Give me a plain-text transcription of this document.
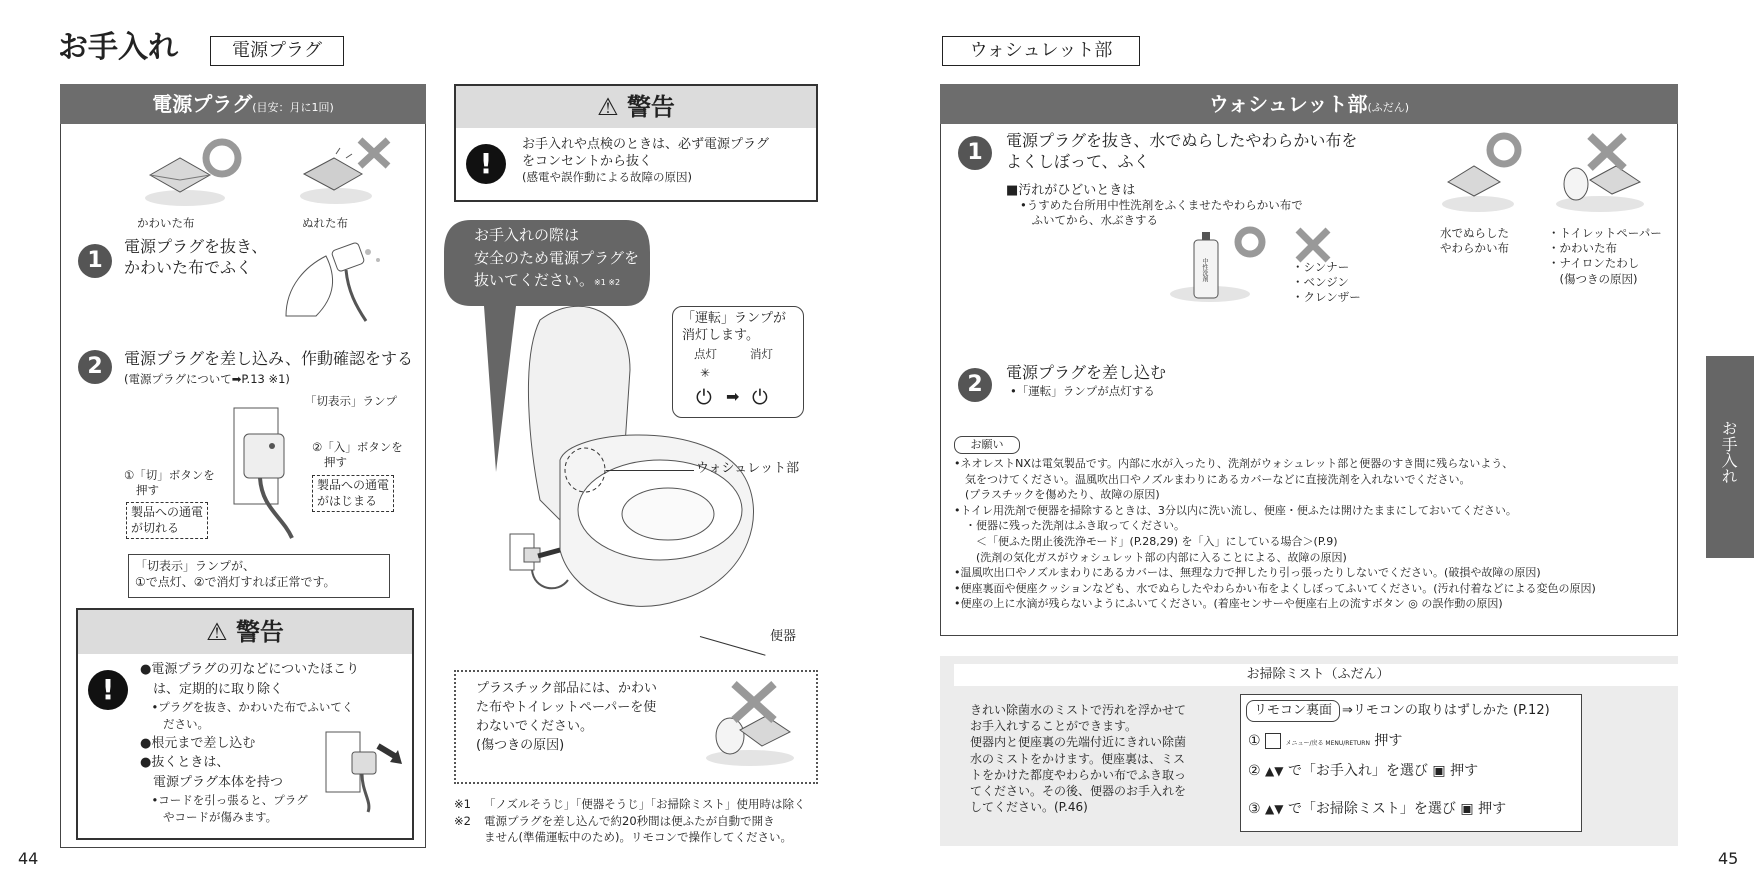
お手入れ	電源プラグ
電源プラグ(目安：月に1回)
かわいた布	ぬれた布
1
電源プラグを抜き、
かわいた布でふく
2	電源プラグを差し込み、作動確認をする
(電源プラグについて➡P.13 ※1)
「切表示」ランプ
②「入」ボタンを
押す
①「切」ボタンを
押す	製品への通電
がはじまる
製品への通電
が切れる
「切表示」ランプが、
①で点灯、②で消灯すれば正常です。
⚠ 警告
!
●電源プラグの刃などについたほこり
　は、定期的に取り除く
　•プラグを抜き、かわいた布でふいてく
　　ださい。
●根元まで差し込む
●抜くときは、
　電源プラグ本体を持つ
　•コードを引っ張ると、プラグ
　　やコードが傷みます。
⚠ 警告
!
お手入れや点検のときは、必ず電源プラグ
をコンセントから抜く
(感電や誤作動による故障の原因)
お手入れの際は
安全のため電源プラグを
抜いてください。※1 ※2
「運転」ランプが
消灯します。
点灯	消灯
⏻ ➡ ⏻
✳
ウォシュレット部
便器
プラスチック部品には、かわい
た布やトイレットペーパーを使
わないでください。
(傷つきの原因)
※1 「ノズルそうじ」「便器そうじ」「お掃除ミスト」使用時は除く
※2 電源プラグを差し込んで約20秒間は便ふたが自動で開き
ません(準備運転中のため)。リモコンで操作してください。
44
ウォシュレット部
ウォシュレット部(ふだん)
1	電源プラグを抜き、水でぬらしたやわらかい布を
よくしぼって、ふく
■汚れがひどいときは
•うすめた台所用中性洗剤をふくませたやわらかい布で
　ふいてから、水ぶきする
中性洗剤	・シンナー
・ベンジン
・クレンザー
水でぬらした
やわらかい布
・トイレットペーパー
・かわいた布
・ナイロンたわし
　(傷つきの原因)
2	電源プラグを差し込む
•「運転」ランプが点灯する
お願い
•ネオレストNXは電気製品です。内部に水が入ったり、洗剤がウォシュレット部と便器のすき間に残らないよう、
　気をつけてください。温風吹出口やノズルまわりにあるカバーなどに直接洗剤を入れないでください。
　(プラスチックを傷めたり、故障の原因)
•トイレ用洗剤で便器を掃除するときは、3分以内に洗い流し、便座・便ふたは開けたままにしておいてください。
　・便器に残った洗剤はふき取ってください。
　　＜「便ふた閉止後洗浄モード」(P.28,29) を「入」にしている場合＞(P.9)
　　(洗剤の気化ガスがウォシュレット部の内部に入ることによる、故障の原因)
•温風吹出口やノズルまわりにあるカバーは、無理な力で押したり引っ張ったりしないでください。(破損や故障の原因)
•便座裏面や便座クッションなども、水でぬらしたやわらかい布をよくしぼってふいてください。(汚れ付着などによる変色の原因)
•便座の上に水滴が残らないようにふいてください。(着座センサーや便座右上の流すボタン ◎ の誤作動の原因)
お手入れ
お掃除ミスト（ふだん）
きれい除菌水のミストで汚れを浮かせて
お手入れすることができます。
便器内と便座裏の先端付近にきれい除菌
水のミストをかけます。便座裏は、ミス
トをかけた都度やわらかい布でふき取っ
てください。その後、便器のお手入れを
してください。(P.46)
リモコン裏面 ⇒リモコンの取りはずしかた (P.12)
①	メニュー/戻る MENU/RETURN 押す
② ▲▼ で「お手入れ」を選び ▣ 押す
③ ▲▼ で「お掃除ミスト」を選び ▣ 押す
45
